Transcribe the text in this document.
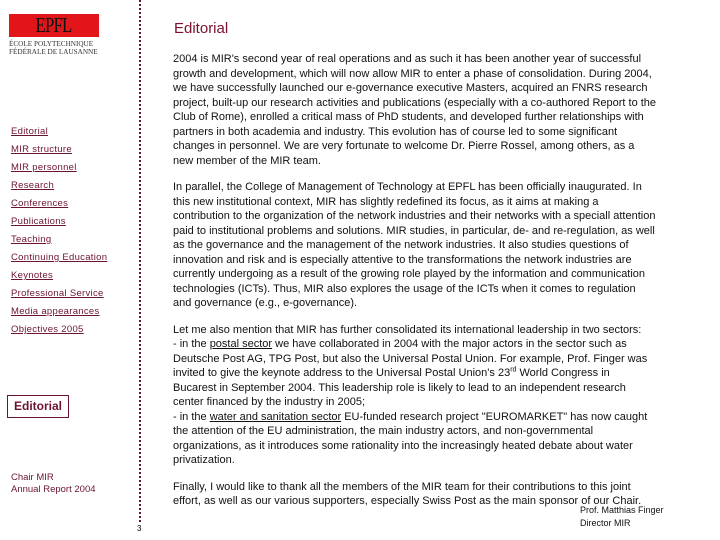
EPFL
ÉCOLE POLYTECHNIQUE
FÉDÉRALE DE LAUSANNE
3
Editorial
Editorial
MIR structure
MIR personnel
Research
Conferences
Publications
Teaching
Continuing Education
Keynotes
Professional Service
Media appearances
Objectives 2005
Editorial
Chair MIR
Annual Report 2004

2004 is MIR's second year of real operations and as such it has been another year of successful
growth and development, which will now allow MIR to enter a phase of consolidation. During 2004,
we have successfully launched our e-governance executive Masters, acquired an FNRS research
project, built-up our research activities and publications (especially with a co-authored Report to the
Club of Rome), enrolled a critical mass of PhD students, and developed further relationships with
partners in both academia and industry. This evolution has of course led to some significant
changes in personnel. We are very fortunate to welcome Dr. Pierre Rossel, among others, as a
new member of the MIR team.

In parallel, the College of Management of Technology at EPFL has been officially inaugurated. In
this new institutional context, MIR has slightly redefined its focus, as it aims at making a
contribution to the organization of the network industries and their networks with a speciall attention
paid to institutional problems and solutions. MIR studies, in particular, de- and re-regulation, as well
as the governance and the management of the network industries. It also studies questions of
innovation and risk and is especially attentive to the transformations the network industries are
currently undergoing as a result of the growing role played by the information and communication
technologies (ICTs). Thus, MIR also explores the usage of the ICTs when it comes to regulation
and governance (e.g., e-governance).

Let me also mention that MIR has further consolidated its international leadership in two sectors:
- in the postal sector we have collaborated in 2004 with the major actors in the sector such as
Deutsche Post AG, TPG Post, but also the Universal Postal Union. For example, Prof. Finger was
invited to give the keynote address to the Universal Postal Union's 23rd World Congress in
Bucarest in September 2004. This leadership role is likely to lead to an independent research
center financed by the industry in 2005;
- in the water and sanitation sector EU-funded research project "EUROMARKET" has now caught
the attention of the EU administration, the main industry actors, and non-governmental
organizations, as it introduces some rationality into the increasingly heated debate about water
privatization.

Finally, I would like to thank all the members of the MIR team for their contributions to this joint
effort, as well as our various supporters, especially Swiss Post as the main sponsor of our Chair.

Prof. Matthias Finger
Director MIR
